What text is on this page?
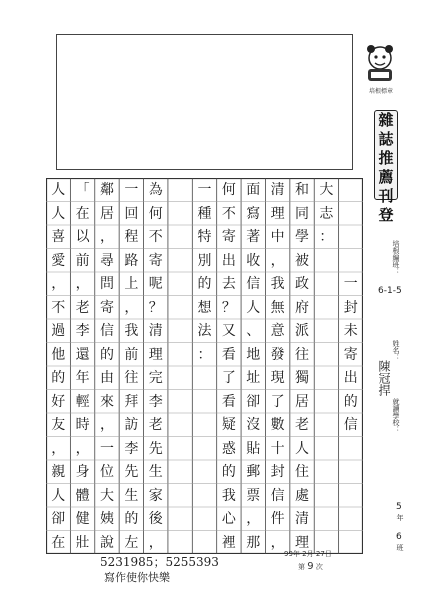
培根標章
雜
誌
推
薦
刊
登
培根編班：
6-1-5
姓名：
陳冠捍
就讀學校：
5
年
6
班
一
封
未
寄
出
的
信
大
志
：
和
同
學
被
政
府
派
往
獨
居
老
人
住
處
清
理
清
理
中
，
我
無
意
發
現
了
數
十
封
信
件
，
面
寫
著
收
信
人
、
地
址
卻
沒
貼
郵
票
，
那
何
不
寄
出
去
？
又
看
了
看
疑
惑
的
我
心
裡
一
種
特
別
的
想
法
：
為
何
不
寄
呢
？
清
理
完
李
老
先
生
家
後
，
一
回
程
路
上
，
我
前
往
拜
訪
李
先
生
的
左
鄰
居
，
尋
問
寄
信
的
由
來
，
一
位
大
姨
說
「
在
以
前
，
老
李
還
年
輕
時
，
身
體
健
壯
人
人
喜
愛
，
不
過
他
的
好
友
，
親
人
卻
在
5231985；5255393
寫作使你快樂
99年 2月 27日
第 9 次
